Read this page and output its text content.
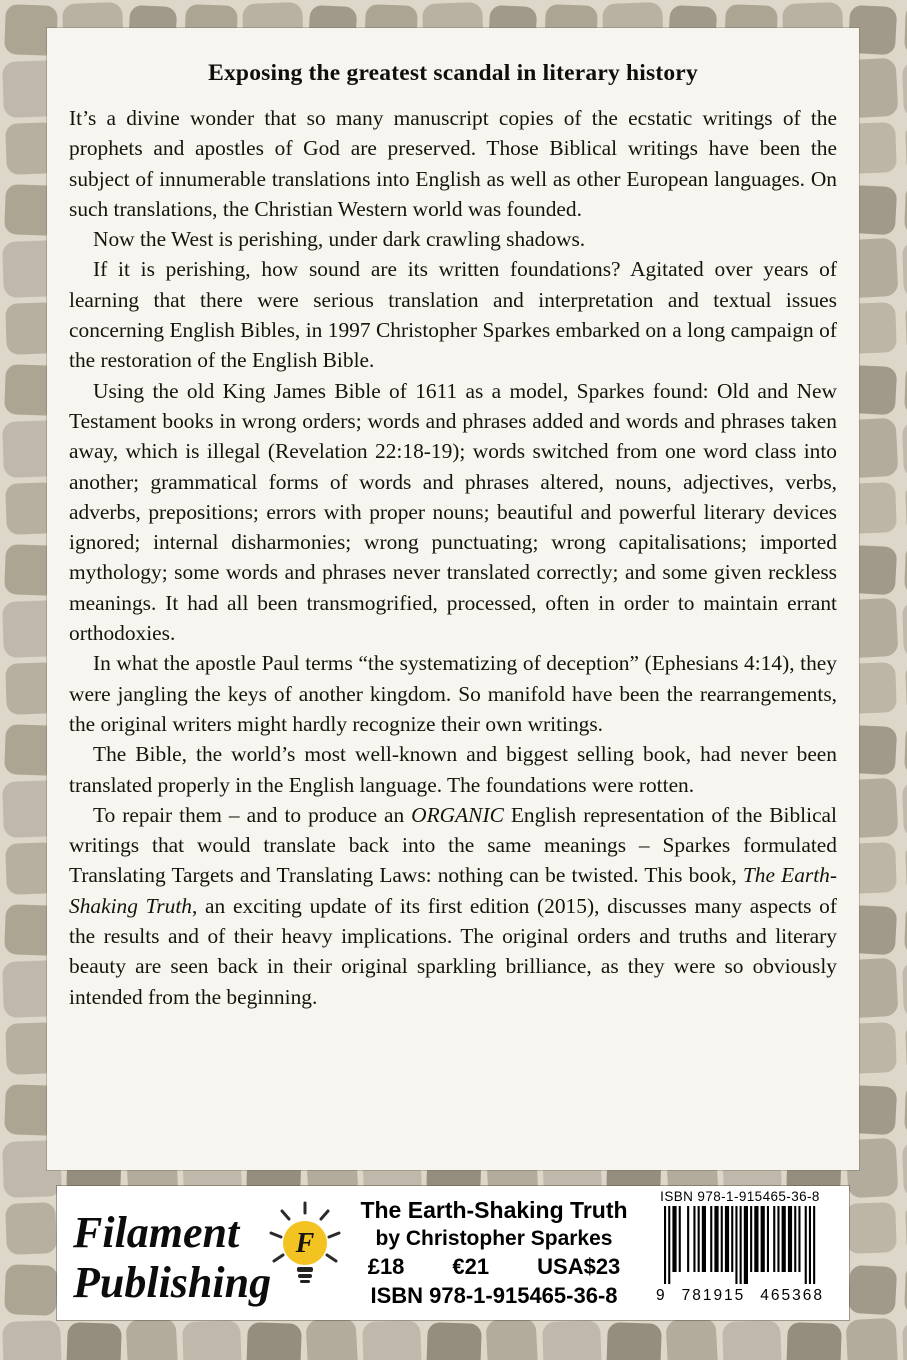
Exposing the greatest scandal in literary history

It’s a divine wonder that so many manuscript copies of the ecstatic writings of the prophets and apostles of God are preserved. Those Biblical writings have been the subject of innumerable translations into English as well as other European languages. On such translations, the Christian Western world was founded.

Now the West is perishing, under dark crawling shadows.

If it is perishing, how sound are its written foundations? Agitated over years of learning that there were serious translation and interpretation and textual issues concerning English Bibles, in 1997 Christopher Sparkes embarked on a long campaign of the restoration of the English Bible.

Using the old King James Bible of 1611 as a model, Sparkes found: Old and New Testament books in wrong orders; words and phrases added and words and phrases taken away, which is illegal (Revelation 22:18-19); words switched from one word class into another; grammatical forms of words and phrases altered, nouns, adjectives, verbs, adverbs, prepositions; errors with proper nouns; beautiful and powerful literary devices ignored; internal disharmonies; wrong punctuating; wrong capitalisations; imported mythology; some words and phrases never translated correctly; and some given reckless meanings. It had all been transmogrified, processed, often in order to maintain errant orthodoxies.

In what the apostle Paul terms “the systematizing of deception” (Ephesians 4:14), they were jangling the keys of another kingdom. So manifold have been the rearrangements, the original writers might hardly recognize their own writings.

The Bible, the world’s most well-known and biggest selling book, had never been translated properly in the English language. The foundations were rotten.

To repair them – and to produce an ORGANIC English representation of the Biblical writings that would translate back into the same meanings – Sparkes formulated Translating Targets and Translating Laws: nothing can be twisted. This book, The Earth-Shaking Truth, an exciting update of its first edition (2015), discusses many aspects of the results and of their heavy implications. The original orders and truths and literary beauty are seen back in their original sparkling brilliance, as they were so obviously intended from the beginning.

Filament
Publishing
F
The Earth-Shaking Truth
by Christopher Sparkes
£18 €21 USA$23
ISBN 978-1-915465-36-8
ISBN 978-1-915465-36-8
9 781915 465368
